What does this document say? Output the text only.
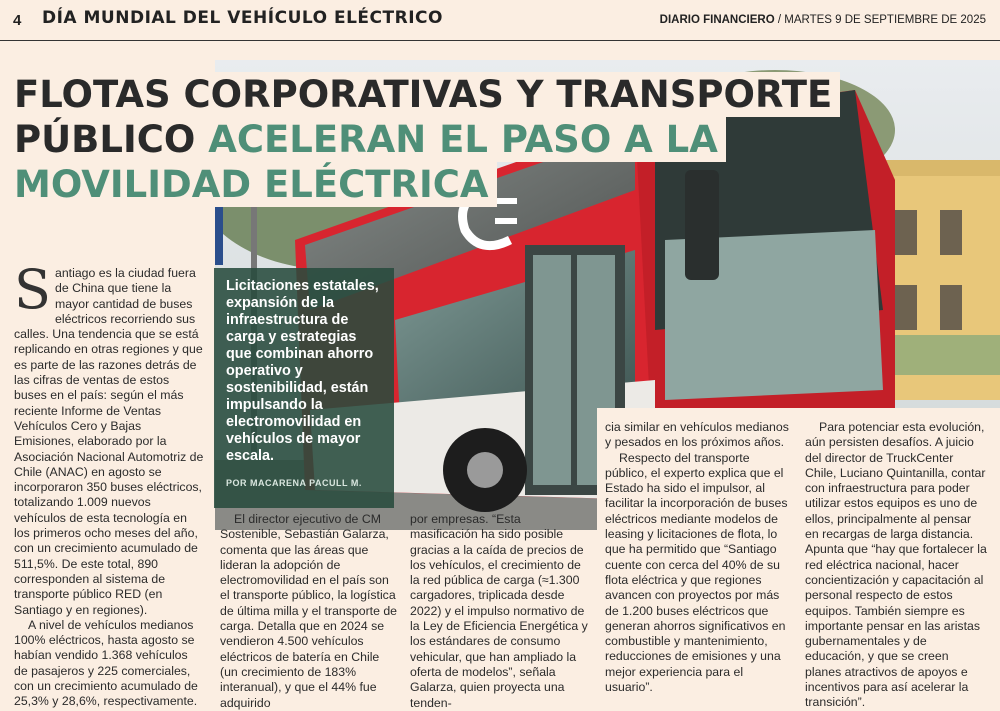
4 DÍA MUNDIAL DEL VEHÍCULO ELÉCTRICO	DIARIO FINANCIERO / MARTES 9 DE SEPTIEMBRE DE 2025
FLOTAS CORPORATIVAS Y TRANSPORTE
PÚBLICO ACELERAN EL PASO A LA
MOVILIDAD ELÉCTRICA

Licitaciones estatales, expansión de la infraestructura de carga y estrategias que combinan ahorro operativo y sostenibilidad, están impulsando la electromovilidad en vehículos de mayor escala.

POR MACARENA PACULL M.

Santiago es la ciudad fuera de China que tiene la mayor cantidad de buses eléctricos recorriendo sus calles. Una tendencia que se está replicando en otras regiones y que es parte de las razones detrás de las cifras de ventas de estos buses en el país: según el más reciente Informe de Ventas Vehículos Cero y Bajas Emisiones, elaborado por la Asociación Nacional Automotriz de Chile (ANAC) en agosto se incorporaron 350 buses eléctricos, totalizando 1.009 nuevos vehículos de esta tecnología en los primeros ocho meses del año, con un crecimiento acumulado de 511,5%. De este total, 890 corresponden al sistema de transporte público RED (en Santiago y en regiones).

A nivel de vehículos medianos 100% eléctricos, hasta agosto se habían vendido 1.368 vehículos de pasajeros y 225 comerciales, con un crecimiento acumulado de 25,3% y 28,6%, respectivamente.

El director ejecutivo de CM Sostenible, Sebastián Galarza, comenta que las áreas que lideran la adopción de electromovilidad en el país son el transporte público, la logística de última milla y el transporte de carga. Detalla que en 2024 se vendieron 4.500 vehículos eléctricos de batería en Chile (un crecimiento de 183% interanual), y que el 44% fue adquirido

por empresas. “Esta masificación ha sido posible gracias a la caída de precios de los vehículos, el crecimiento de la red pública de carga (≈1.300 cargadores, triplicada desde 2022) y el impulso normativo de la Ley de Eficiencia Energética y los estándares de consumo vehicular, que han ampliado la oferta de modelos”, señala Galarza, quien proyecta una tenden-

cia similar en vehículos medianos y pesados en los próximos años.

Respecto del transporte público, el experto explica que el Estado ha sido el impulsor, al facilitar la incorporación de buses eléctricos mediante modelos de leasing y licitaciones de flota, lo que ha permitido que “Santiago cuente con cerca del 40% de su flota eléctrica y que regiones avancen con proyectos por más de 1.200 buses eléctricos que generan ahorros significativos en combustible y mantenimiento, reducciones de emisiones y una mejor experiencia para el usuario”.

Para potenciar esta evolución, aún persisten desafíos. A juicio del director de TruckCenter Chile, Luciano Quintanilla, contar con infraestructura para poder utilizar estos equipos es uno de ellos, principalmente al pensar en recargas de larga distancia. Apunta que “hay que fortalecer la red eléctrica nacional, hacer concientización y capacitación al personal respecto de estos equipos. También siempre es importante pensar en las aristas gubernamentales y de educación, y que se creen planes atractivos de apoyos e incentivos para así acelerar la transición”.
